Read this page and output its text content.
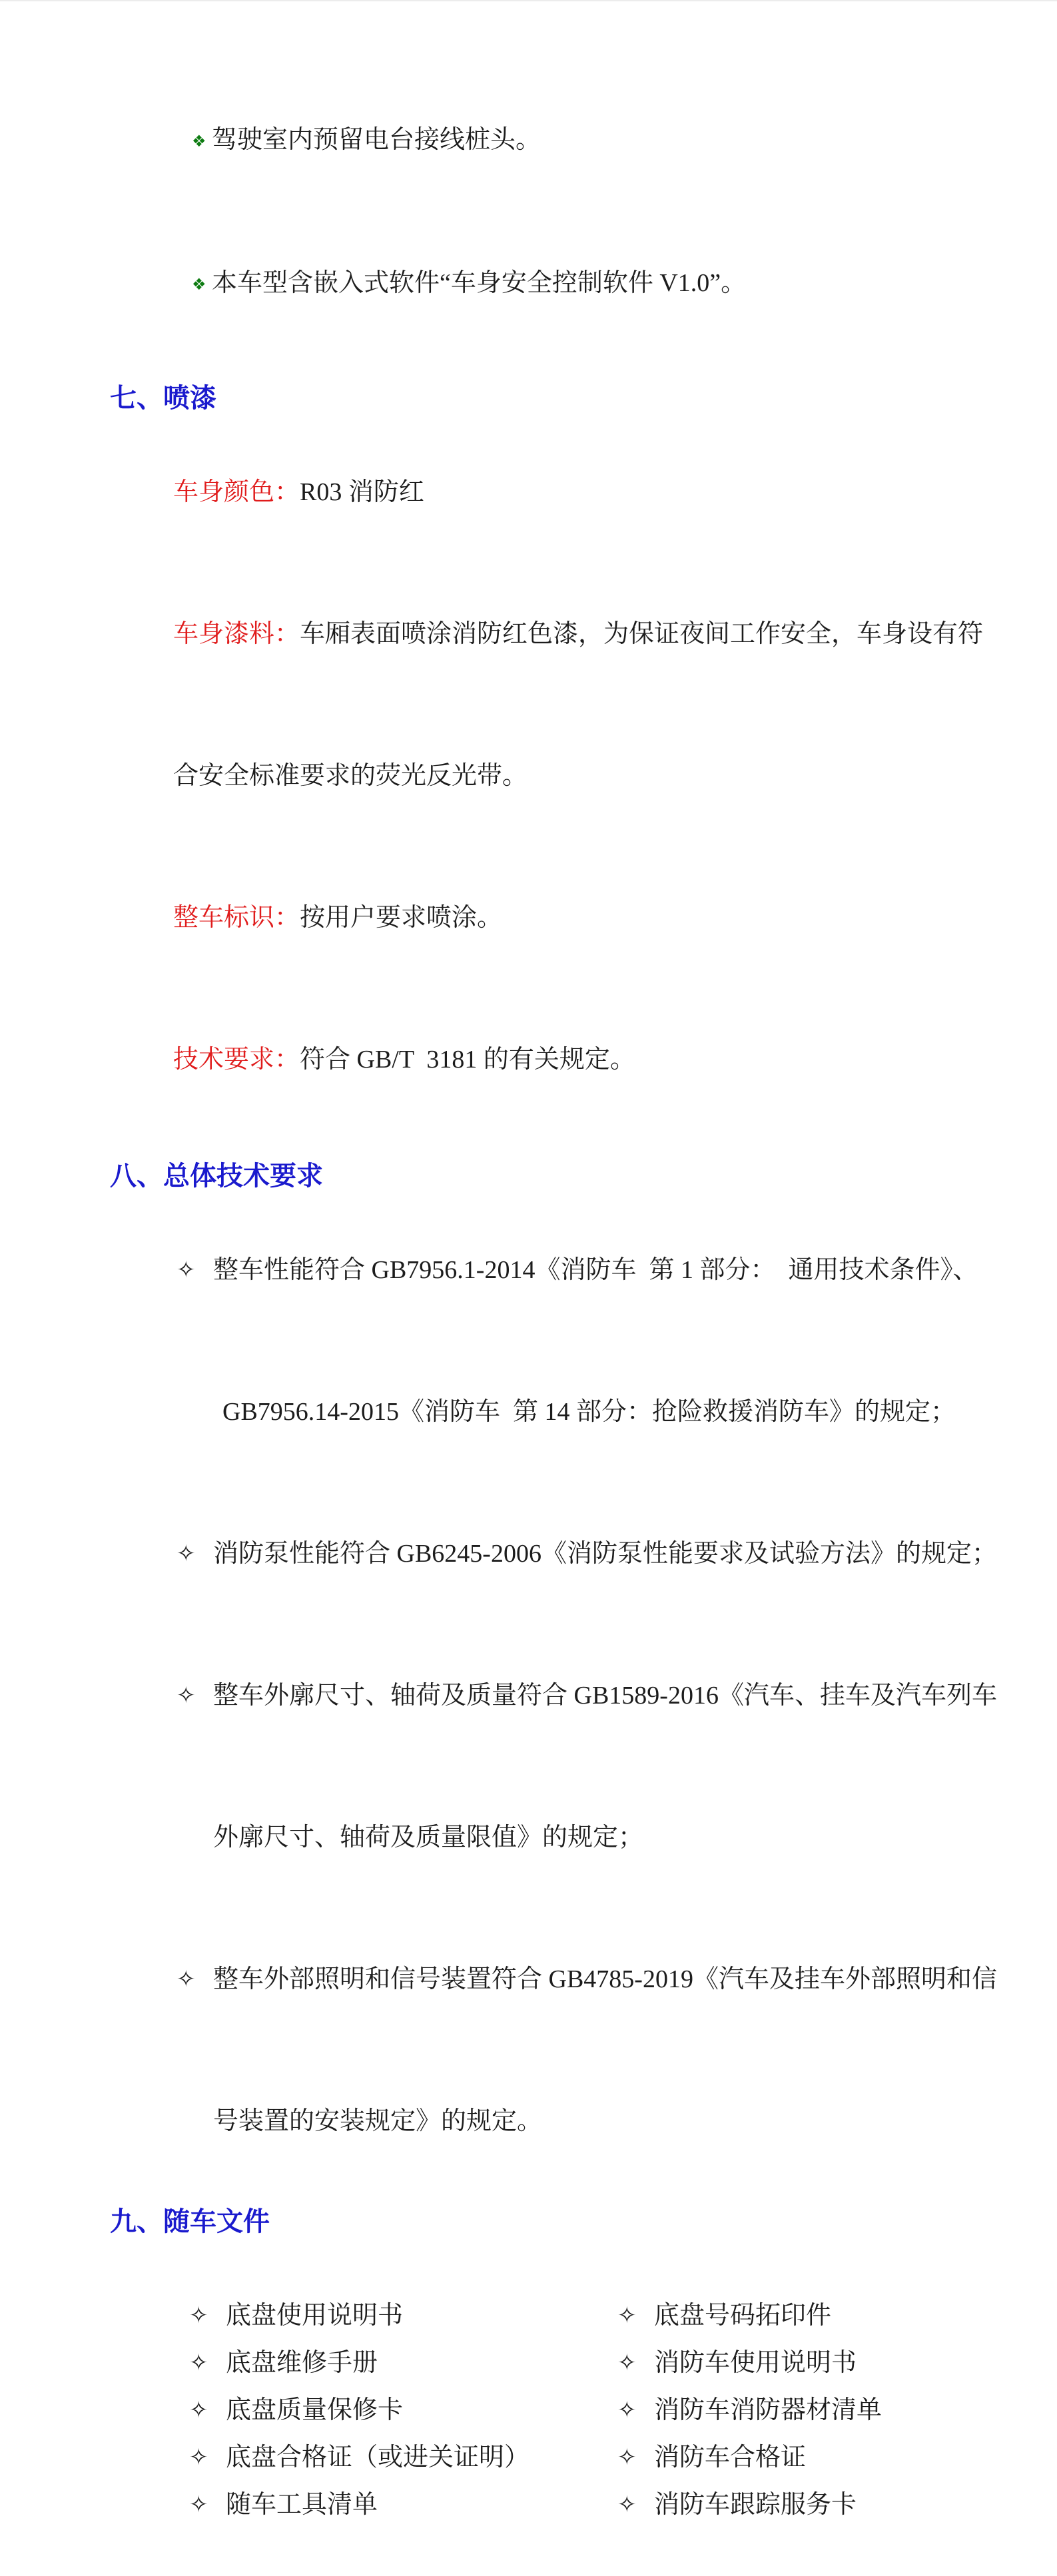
❖ 驾驶室内预留电台接线桩头。

❖ 本车型含嵌入式软件“车身安全控制软件 V1.0”。

七、喷漆

车身颜色：R03 消防红

车身漆料：车厢表面喷涂消防红色漆，为保证夜间工作安全，车身设有符

合安全标准要求的荧光反光带。

整车标识：按用户要求喷涂。

技术要求：符合 GB/T  3181 的有关规定。

八、总体技术要求

✧ 整车性能符合 GB7956.1-2014《消防车  第 1 部分：  通用技术条件》、

GB7956.14-2015《消防车  第 14 部分：抢险救援消防车》的规定；

✧ 消防泵性能符合 GB6245-2006《消防泵性能要求及试验方法》的规定；

✧ 整车外廓尺寸、轴荷及质量符合 GB1589-2016《汽车、挂车及汽车列车

外廓尺寸、轴荷及质量限值》的规定；

✧ 整车外部照明和信号装置符合 GB4785-2019《汽车及挂车外部照明和信

号装置的安装规定》的规定。

九、随车文件

✧ 底盘使用说明书
	✧ 底盘号码拓印件

✧ 底盘维修手册
	✧ 消防车使用说明书

✧ 底盘质量保修卡
	✧ 消防车消防器材清单

✧ 底盘合格证（或进关证明）
	✧ 消防车合格证

✧ 随车工具清单
	✧ 消防车跟踪服务卡
